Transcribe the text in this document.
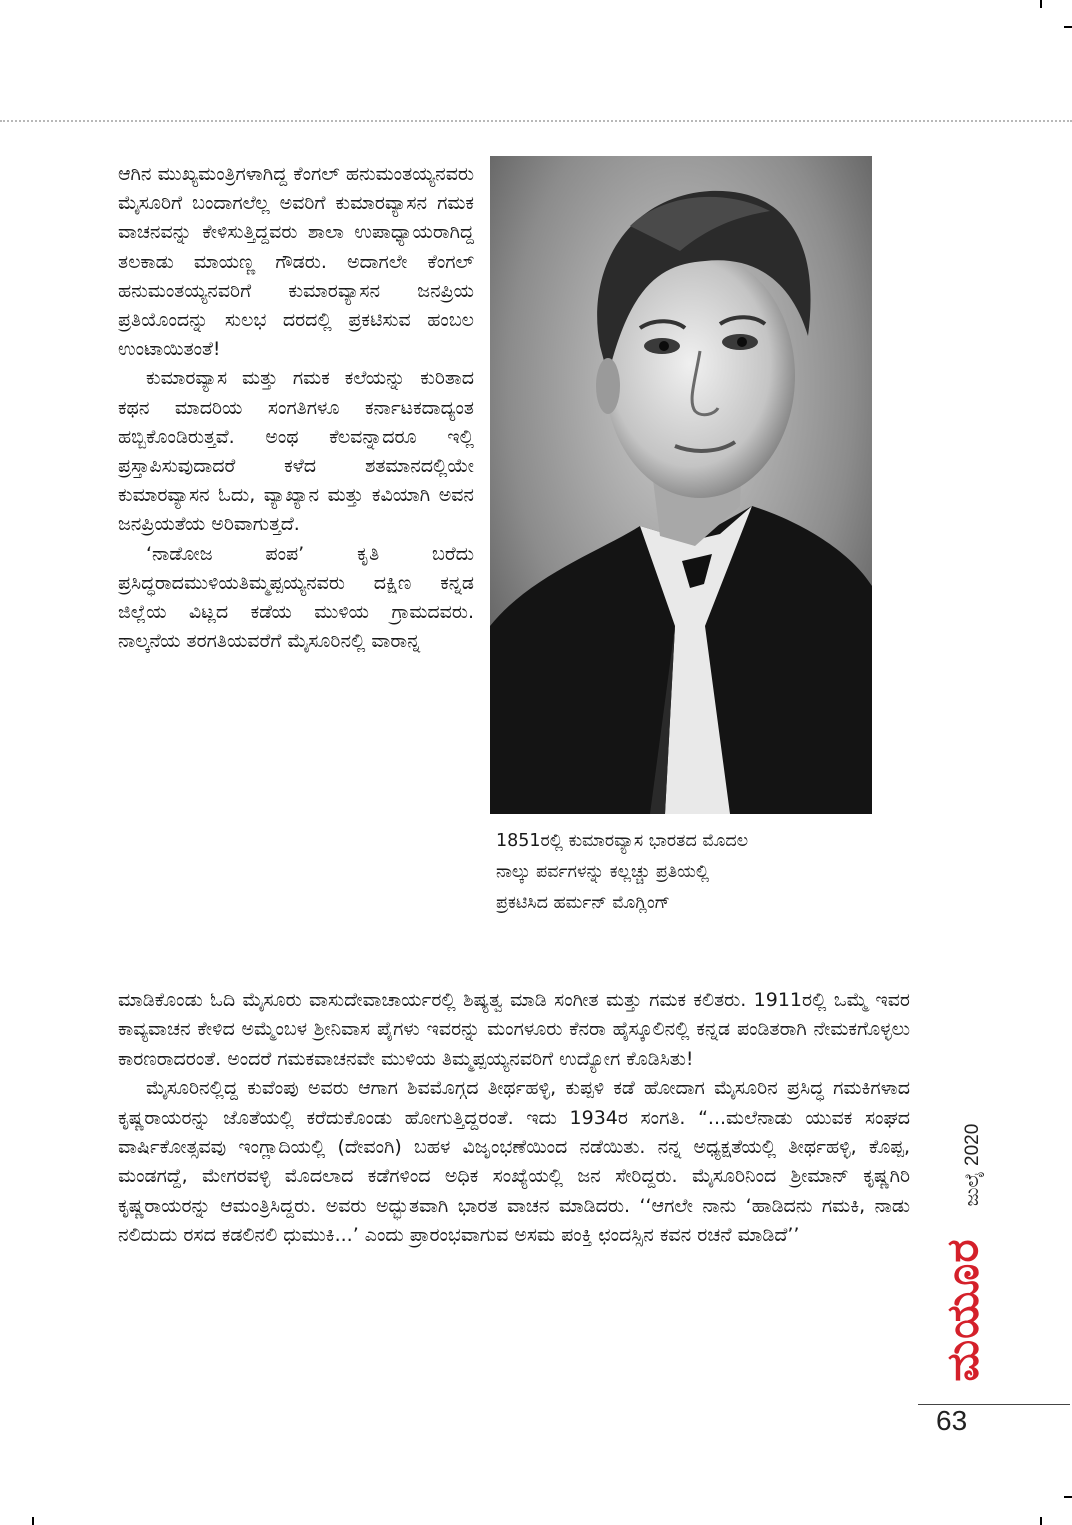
ಆಗಿನ ಮುಖ್ಯಮಂತ್ರಿಗಳಾಗಿದ್ದ ಕೆಂಗಲ್ ಹನುಮಂತಯ್ಯನವರು ಮೈಸೂರಿಗೆ ಬಂದಾಗಲೆಲ್ಲ ಅವರಿಗೆ ಕುಮಾರವ್ಯಾಸನ ಗಮಕ ವಾಚನವನ್ನು ಕೇಳಿಸುತ್ತಿದ್ದವರು ಶಾಲಾ ಉಪಾಧ್ಯಾಯರಾಗಿದ್ದ ತಲಕಾಡು ಮಾಯಣ್ಣ ಗೌಡರು. ಅದಾಗಲೇ ಕೆಂಗಲ್ ಹನುಮಂತಯ್ಯನವರಿಗೆ ಕುಮಾರವ್ಯಾಸನ ಜನಪ್ರಿಯ ಪ್ರತಿಯೊಂದನ್ನು ಸುಲಭ ದರದಲ್ಲಿ ಪ್ರಕಟಿಸುವ ಹಂಬಲ ಉಂಟಾಯಿತಂತೆ!

ಕುಮಾರವ್ಯಾಸ ಮತ್ತು ಗಮಕ ಕಲೆಯನ್ನು ಕುರಿತಾದ ಕಥನ ಮಾದರಿಯ ಸಂಗತಿಗಳೂ ಕರ್ನಾಟಕದಾದ್ಯಂತ ಹಬ್ಬಿಕೊಂಡಿರುತ್ತವೆ. ಅಂಥ ಕೆಲವನ್ನಾದರೂ ಇಲ್ಲಿ ಪ್ರಸ್ತಾಪಿಸುವುದಾದರೆ ಕಳೆದ ಶತಮಾನದಲ್ಲಿಯೇ ಕುಮಾರವ್ಯಾಸನ ಓದು, ವ್ಯಾಖ್ಯಾನ ಮತ್ತು ಕವಿಯಾಗಿ ಅವನ ಜನಪ್ರಿಯತೆಯ ಅರಿವಾಗುತ್ತದೆ.

‘ನಾಡೋಜ ಪಂಪ’ ಕೃತಿ ಬರೆದು ಪ್ರಸಿದ್ಧರಾದಮುಳಿಯತಿಮ್ಮಪ್ಪಯ್ಯನವರು ದಕ್ಷಿಣ ಕನ್ನಡ ಜಿಲ್ಲೆಯ ವಿಟ್ಲದ ಕಡೆಯ ಮುಳಿಯ ಗ್ರಾಮದವರು. ನಾಲ್ಕನೆಯ ತರಗತಿಯವರೆಗೆ ಮೈಸೂರಿನಲ್ಲಿ ವಾರಾನ್ನ

1851ರಲ್ಲಿ ಕುಮಾರವ್ಯಾಸ ಭಾರತದ ಮೊದಲ
ನಾಲ್ಕು ಪರ್ವಗಳನ್ನು ಕಲ್ಲಚ್ಚು ಪ್ರತಿಯಲ್ಲಿ
ಪ್ರಕಟಿಸಿದ ಹರ್ಮನ್ ಮೊಗ್ಲಿಂಗ್

ಮಾಡಿಕೊಂಡು ಓದಿ ಮೈಸೂರು ವಾಸುದೇವಾಚಾರ್ಯರಲ್ಲಿ ಶಿಷ್ಯತ್ವ ಮಾಡಿ ಸಂಗೀತ ಮತ್ತು ಗಮಕ ಕಲಿತರು. 1911ರಲ್ಲಿ ಒಮ್ಮೆ ಇವರ ಕಾವ್ಯವಾಚನ ಕೇಳಿದ ಅಮ್ಮೆಂಬಳ ಶ್ರೀನಿವಾಸ ಪೈಗಳು ಇವರನ್ನು ಮಂಗಳೂರು ಕೆನರಾ ಹೈಸ್ಕೂಲಿನಲ್ಲಿ ಕನ್ನಡ ಪಂಡಿತರಾಗಿ ನೇಮಕಗೊಳ್ಳಲು ಕಾರಣರಾದರಂತೆ. ಅಂದರೆ ಗಮಕವಾಚನವೇ ಮುಳಿಯ ತಿಮ್ಮಪ್ಪಯ್ಯನವರಿಗೆ ಉದ್ಯೋಗ ಕೊಡಿಸಿತು!

ಮೈಸೂರಿನಲ್ಲಿದ್ದ ಕುವೆಂಪು ಅವರು ಆಗಾಗ ಶಿವಮೊಗ್ಗದ ತೀರ್ಥಹಳ್ಳಿ, ಕುಪ್ಪಳಿ ಕಡೆ ಹೋದಾಗ ಮೈಸೂರಿನ ಪ್ರಸಿದ್ಧ ಗಮಕಿಗಳಾದ ಕೃಷ್ಣರಾಯರನ್ನು ಜೊತೆಯಲ್ಲಿ ಕರೆದುಕೊಂಡು ಹೋಗುತ್ತಿದ್ದರಂತೆ. ಇದು 1934ರ ಸಂಗತಿ. “...ಮಲೆನಾಡು ಯುವಕ ಸಂಘದ ವಾರ್ಷಿಕೋತ್ಸವವು ಇಂಗ್ಲಾದಿಯಲ್ಲಿ (ದೇವಂಗಿ) ಬಹಳ ವಿಜೃಂಭಣೆಯಿಂದ ನಡೆಯಿತು. ನನ್ನ ಅಧ್ಯಕ್ಷತೆಯಲ್ಲಿ ತೀರ್ಥಹಳ್ಳಿ, ಕೊಪ್ಪ, ಮಂಡಗದ್ದೆ, ಮೇಗರವಳ್ಳಿ ಮೊದಲಾದ ಕಡೆಗಳಿಂದ ಅಧಿಕ ಸಂಖ್ಯೆಯಲ್ಲಿ ಜನ ಸೇರಿದ್ದರು. ಮೈಸೂರಿನಿಂದ ಶ್ರೀಮಾನ್ ಕೃಷ್ಣಗಿರಿ ಕೃಷ್ಣರಾಯರನ್ನು ಆಮಂತ್ರಿಸಿದ್ದರು. ಅವರು ಅದ್ಭುತವಾಗಿ ಭಾರತ ವಾಚನ ಮಾಡಿದರು. ‘‘ಆಗಲೇ ನಾನು ‘ಹಾಡಿದನು ಗಮಕಿ, ನಾಡು ನಲಿದುದು ರಸದ ಕಡಲಿನಲಿ ಧುಮುಕಿ...’ ಎಂದು ಪ್ರಾರಂಭವಾಗುವ ಅಸಮ ಪಂಕ್ತಿ ಛಂದಸ್ಸಿನ ಕವನ ರಚನೆ ಮಾಡಿದೆ’’

ಜುಲೈ 2020
ಮಯೂರ
63
